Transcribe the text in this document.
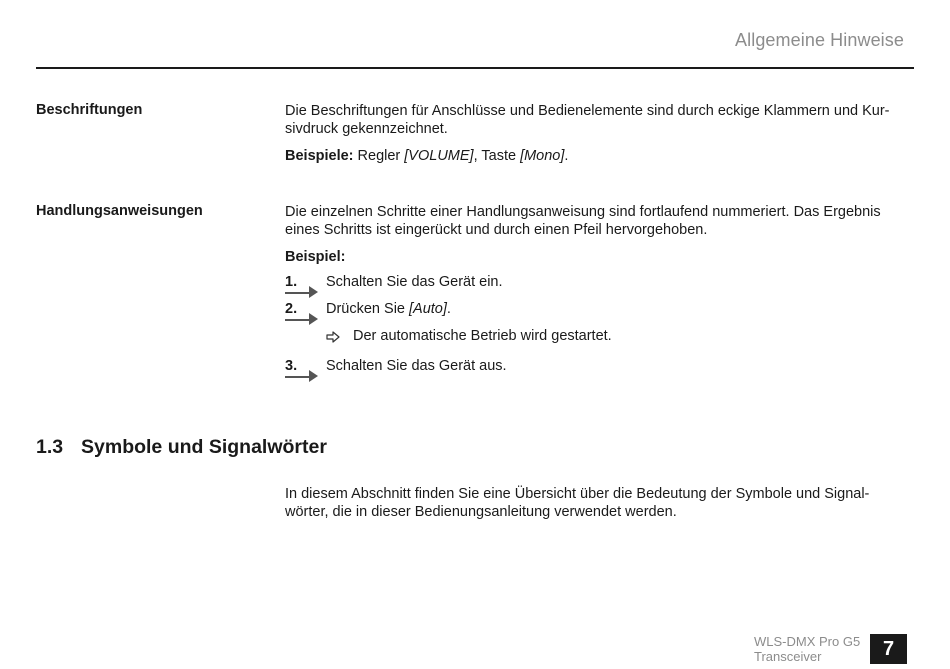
Allgemeine Hinweise
Beschriftungen	Die Beschriftungen für Anschlüsse und Bedienelemente sind durch eckige Klammern und Kur-
sivdruck gekennzeichnet.

Beispiele: Regler [VOLUME], Taste [Mono].

Handlungsanweisungen	Die einzelnen Schritte einer Handlungsanweisung sind fortlaufend nummeriert. Das Ergebnis
eines Schritts ist eingerückt und durch einen Pfeil hervorgehoben.

Beispiel:

1. Schalten Sie das Gerät ein.
2. Drücken Sie [Auto].
Der automatische Betrieb wird gestartet.
3. Schalten Sie das Gerät aus.
1.3 Symbole und Signalwörter

In diesem Abschnitt finden Sie eine Übersicht über die Bedeutung der Symbole und Signal-
wörter, die in dieser Bedienungsanleitung verwendet werden.

WLS-DMX Pro G5
Transceiver	7
